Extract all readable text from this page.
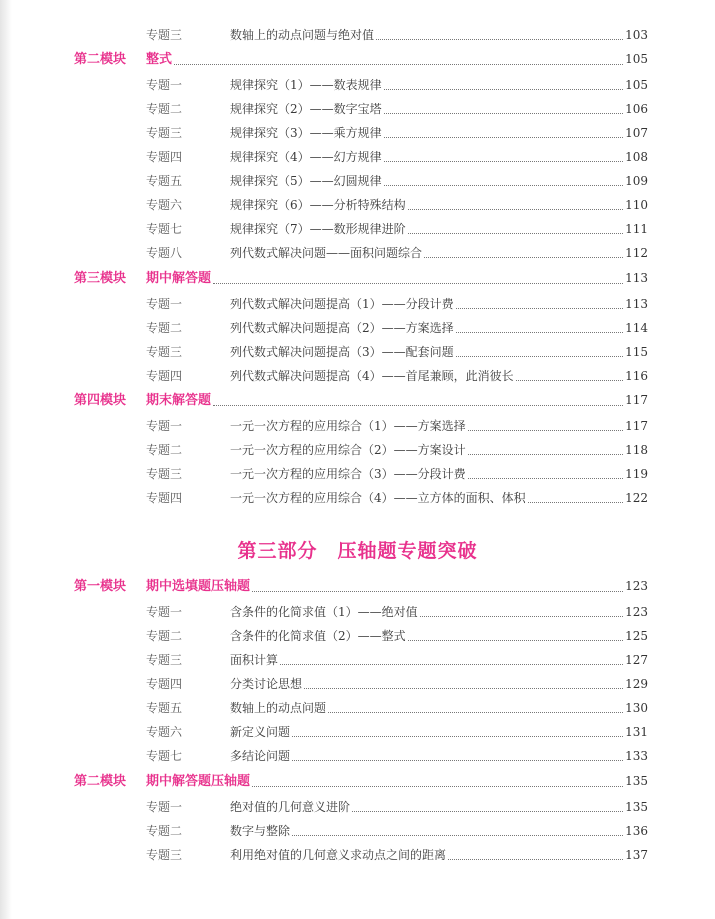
专题三	数轴上的动点问题与绝对值	103
第二模块	整式	105
专题一	规律探究（1）——数表规律	105
专题二	规律探究（2）——数字宝塔	106
专题三	规律探究（3）——乘方规律	107
专题四	规律探究（4）——幻方规律	108
专题五	规律探究（5）——幻圆规律	109
专题六	规律探究（6）——分析特殊结构	110
专题七	规律探究（7）——数形规律进阶	111
专题八	列代数式解决问题——面积问题综合	112
第三模块	期中解答题	113
专题一	列代数式解决问题提高（1）——分段计费	113
专题二	列代数式解决问题提高（2）——方案选择	114
专题三	列代数式解决问题提高（3）——配套问题	115
专题四	列代数式解决问题提高（4）——首尾兼顾，此消彼长	116
第四模块	期末解答题	117
专题一	一元一次方程的应用综合（1）——方案选择	117
专题二	一元一次方程的应用综合（2）——方案设计	118
专题三	一元一次方程的应用综合（3）——分段计费	119
专题四	一元一次方程的应用综合（4）——立方体的面积、体积	122
第三部分　压轴题专题突破
第一模块	期中选填题压轴题	123
专题一	含条件的化简求值（1）——绝对值	123
专题二	含条件的化简求值（2）——整式	125
专题三	面积计算	127
专题四	分类讨论思想	129
专题五	数轴上的动点问题	130
专题六	新定义问题	131
专题七	多结论问题	133
第二模块	期中解答题压轴题	135
专题一	绝对值的几何意义进阶	135
专题二	数字与整除	136
专题三	利用绝对值的几何意义求动点之间的距离	137
